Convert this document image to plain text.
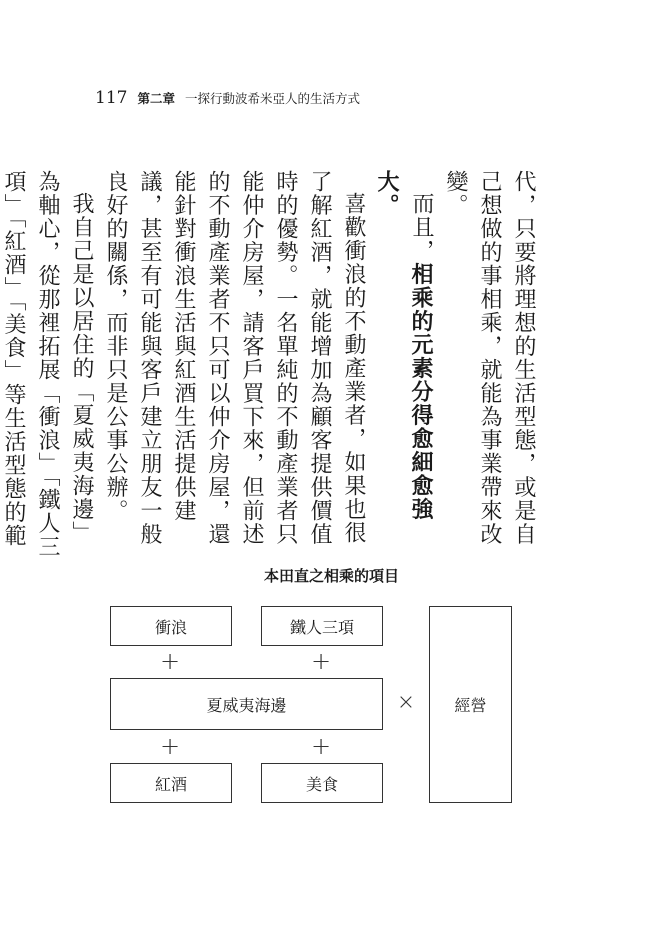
117 第二章 一探行動波希米亞人的生活方式

代，只要將理想的生活型態，或是自己想做的事相乘，就能為事業帶來改變。

而且，相乘的元素分得愈細愈強大。

喜歡衝浪的不動產業者，如果也很了解紅酒，就能增加為顧客提供價值時的優勢。一名單純的不動產業者只能仲介房屋，請客戶買下來，但前述的不動產業者不只可以仲介房屋，還能針對衝浪生活與紅酒生活提供建議，甚至有可能與客戶建立朋友一般良好的關係，而非只是公事公辦。

我自己是以居住的「夏威夷海邊」為軸心，從那裡拓展「衝浪」「鐵人三項」「紅酒」「美食」等生活型態的範

本田直之相乘的項目
衝浪	鐵人三項
+	+
夏威夷海邊
+	+
紅酒	美食
×	經營
